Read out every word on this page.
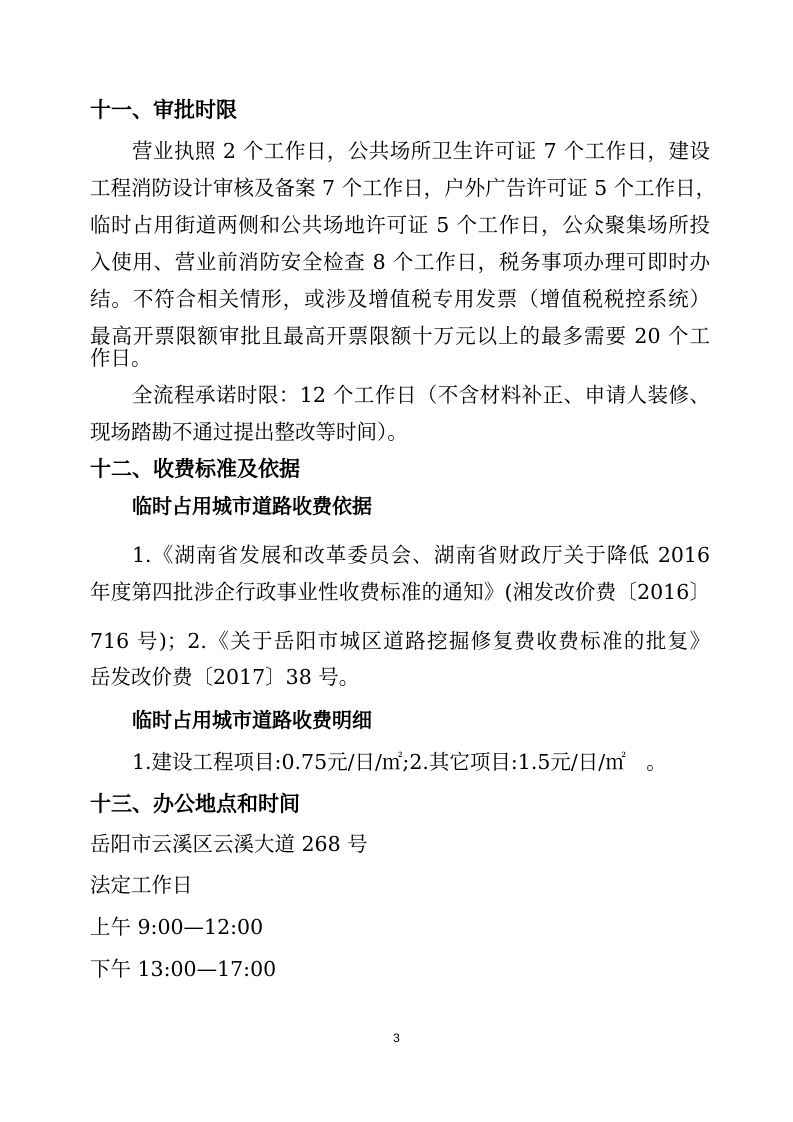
十一、审批时限
营业执照 2 个工作日，公共场所卫生许可证 7 个工作日，建设
工程消防设计审核及备案 7 个工作日，户外广告许可证 5 个工作日，
临时占用街道两侧和公共场地许可证 5 个工作日，公众聚集场所投
入使用、营业前消防安全检查 8 个工作日，税务事项办理可即时办
结。不符合相关情形，或涉及增值税专用发票（增值税税控系统）
最高开票限额审批且最高开票限额十万元以上的最多需要 20 个工
作日。
全流程承诺时限：12 个工作日（不含材料补正、申请人装修、
现场踏勘不通过提出整改等时间）。
十二、收费标准及依据
临时占用城市道路收费依据
1.《湖南省发展和改革委员会、湖南省财政厅关于降低 2016
年度第四批涉企行政事业性收费标准的通知》(湘发改价费〔2016〕
716 号)；2.《关于岳阳市城区道路挖掘修复费收费标准的批复》
岳发改价费〔2017〕38 号。
临时占用城市道路收费明细
1.建设工程项目:0.75元/日/㎡;2.其它项目:1.5元/日/㎡　。
十三、办公地点和时间
岳阳市云溪区云溪大道 268 号
法定工作日
上午 9:00—12:00
下午 13:00—17:00
3
